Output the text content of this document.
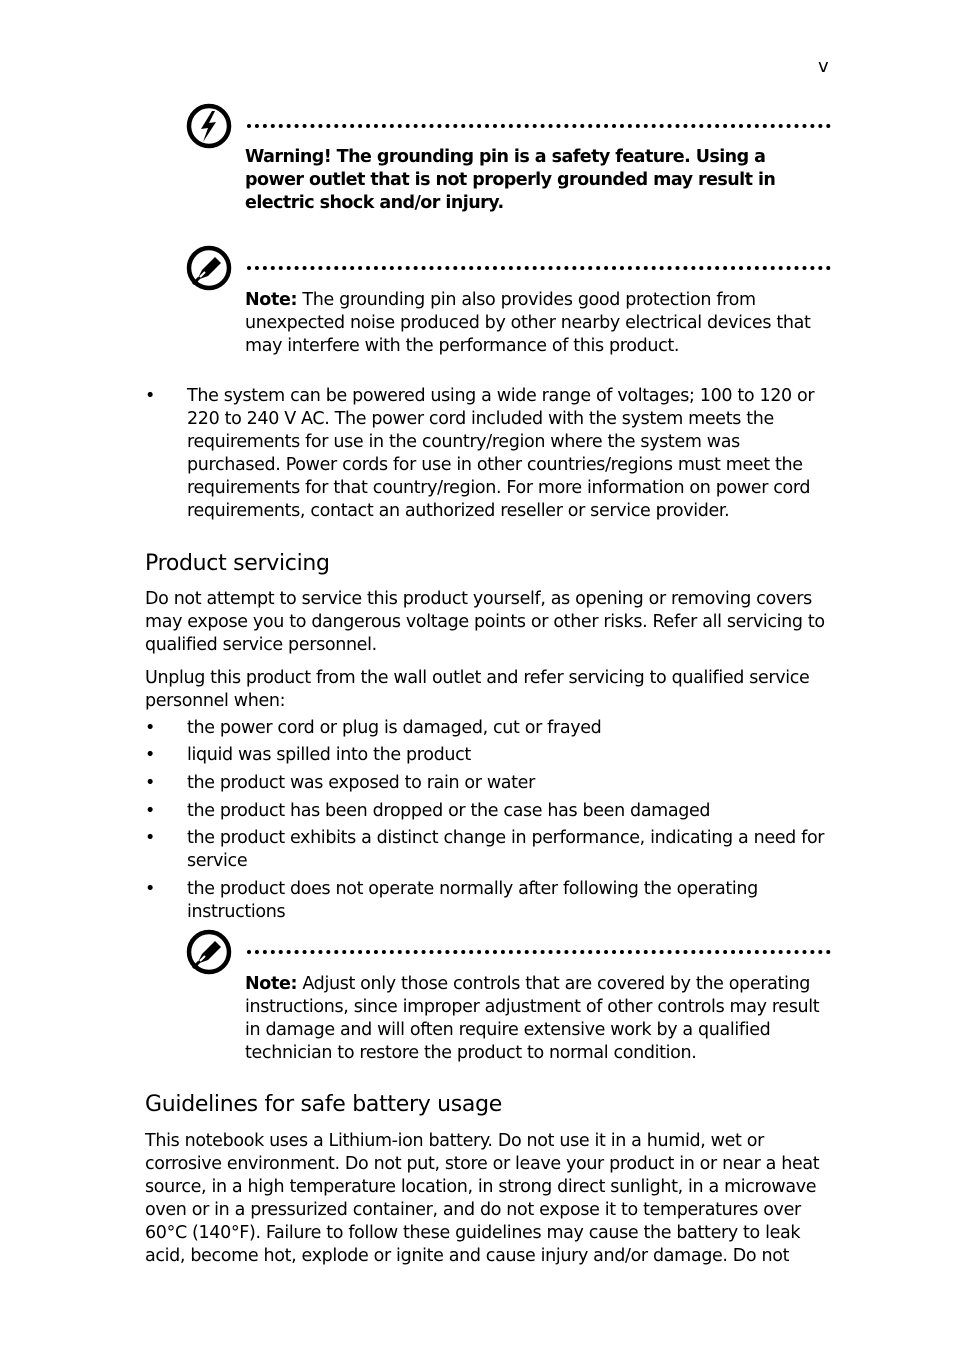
v
Warning! The grounding pin is a safety feature. Using a power outlet that is not properly grounded may result in electric shock and/or injury.
Note: The grounding pin also provides good protection from unexpected noise produced by other nearby electrical devices that may interfere with the performance of this product.
•	The system can be powered using a wide range of voltages; 100 to 120 or 220 to 240 V AC. The power cord included with the system meets the requirements for use in the country/region where the system was purchased. Power cords for use in other countries/regions must meet the requirements for that country/region. For more information on power cord requirements, contact an authorized reseller or service provider.
Product servicing

Do not attempt to service this product yourself, as opening or removing covers may expose you to dangerous voltage points or other risks. Refer all servicing to qualified service personnel.

Unplug this product from the wall outlet and refer servicing to qualified service personnel when:

•	the power cord or plug is damaged, cut or frayed
•	liquid was spilled into the product
•	the product was exposed to rain or water
•	the product has been dropped or the case has been damaged
•	the product exhibits a distinct change in performance, indicating a need for service
•	the product does not operate normally after following the operating instructions
Note: Adjust only those controls that are covered by the operating instructions, since improper adjustment of other controls may result in damage and will often require extensive work by a qualified technician to restore the product to normal condition.
Guidelines for safe battery usage

This notebook uses a Lithium-ion battery. Do not use it in a humid, wet or corrosive environment. Do not put, store or leave your product in or near a heat source, in a high temperature location, in strong direct sunlight, in a microwave oven or in a pressurized container, and do not expose it to temperatures over 60°C (140°F). Failure to follow these guidelines may cause the battery to leak acid, become hot, explode or ignite and cause injury and/or damage. Do not
